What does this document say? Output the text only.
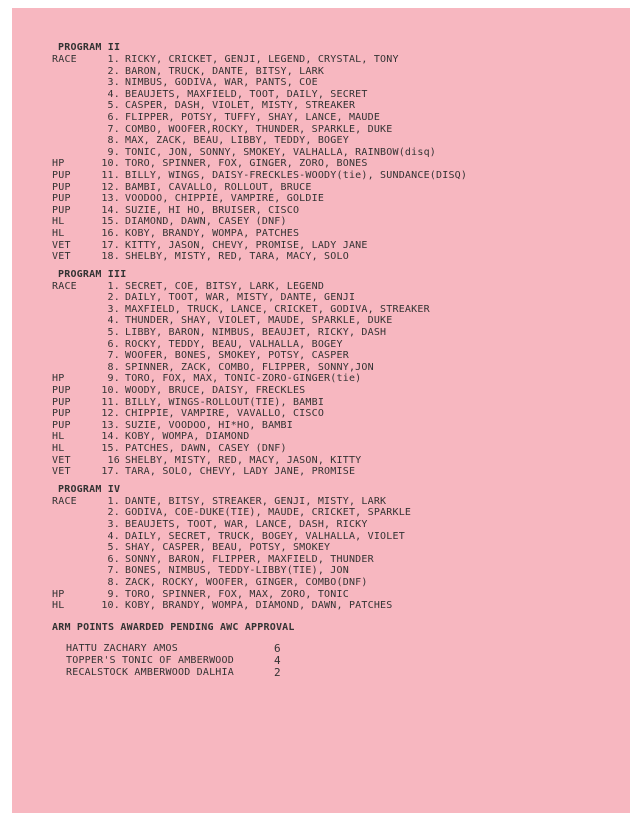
PROGRAM II
RACE	1. RICKY, CRICKET, GENJI, LEGEND, CRYSTAL, TONY
2. BARON, TRUCK, DANTE, BITSY, LARK
3. NIMBUS, GODIVA, WAR, PANTS, COE
4. BEAUJETS, MAXFIELD, TOOT, DAILY, SECRET
5. CASPER, DASH, VIOLET, MISTY, STREAKER
6. FLIPPER, POTSY, TUFFY, SHAY, LANCE, MAUDE
7. COMBO, WOOFER,ROCKY, THUNDER, SPARKLE, DUKE
8. MAX, ZACK, BEAU, LIBBY, TEDDY, BOGEY
9. TONIC, JON, SONNY, SMOKEY, VALHALLA, RAINBOW(disq)
HP	10. TORO, SPINNER, FOX, GINGER, ZORO, BONES
PUP	11. BILLY, WINGS, DAISY-FRECKLES-WOODY(tie), SUNDANCE(DISQ)
PUP	12. BAMBI, CAVALLO, ROLLOUT, BRUCE
PUP	13. VOODOO, CHIPPIE, VAMPIRE, GOLDIE
PUP	14. SUZIE, HI HO, BRUISER, CISCO
HL	15. DIAMOND, DAWN, CASEY (DNF)
HL	16. KOBY, BRANDY, WOMPA, PATCHES
VET	17. KITTY, JASON, CHEVY, PROMISE, LADY JANE
VET	18. SHELBY, MISTY, RED, TARA, MACY, SOLO
PROGRAM III
RACE	1. SECRET, COE, BITSY, LARK, LEGEND
2. DAILY, TOOT, WAR, MISTY, DANTE, GENJI
3. MAXFIELD, TRUCK, LANCE, CRICKET, GODIVA, STREAKER
4. THUNDER, SHAY, VIOLET, MAUDE, SPARKLE, DUKE
5. LIBBY, BARON, NIMBUS, BEAUJET, RICKY, DASH
6. ROCKY, TEDDY, BEAU, VALHALLA, BOGEY
7. WOOFER, BONES, SMOKEY, POTSY, CASPER
8. SPINNER, ZACK, COMBO, FLIPPER, SONNY,JON
HP	9. TORO, FOX, MAX, TONIC-ZORO-GINGER(tie)
PUP	10. WOODY, BRUCE, DAISY, FRECKLES
PUP	11. BILLY, WINGS-ROLLOUT(TIE), BAMBI
PUP	12. CHIPPIE, VAMPIRE, VAVALLO, CISCO
PUP	13. SUZIE, VOODOO, HI*HO, BAMBI
HL	14. KOBY, WOMPA, DIAMOND
HL	15. PATCHES, DAWN, CASEY (DNF)
VET	16 SHELBY, MISTY, RED, MACY, JASON, KITTY
VET	17. TARA, SOLO, CHEVY, LADY JANE, PROMISE
PROGRAM IV
RACE	1. DANTE, BITSY, STREAKER, GENJI, MISTY, LARK
2. GODIVA, COE-DUKE(TIE), MAUDE, CRICKET, SPARKLE
3. BEAUJETS, TOOT, WAR, LANCE, DASH, RICKY
4. DAILY, SECRET, TRUCK, BOGEY, VALHALLA, VIOLET
5. SHAY, CASPER, BEAU, POTSY, SMOKEY
6. SONNY, BARON, FLIPPER, MAXFIELD, THUNDER
7. BONES, NIMBUS, TEDDY-LIBBY(TIE), JON
8. ZACK, ROCKY, WOOFER, GINGER, COMBO(DNF)
HP	9. TORO, SPINNER, FOX, MAX, ZORO, TONIC
HL	10. KOBY, BRANDY, WOMPA, DIAMOND, DAWN, PATCHES
ARM POINTS AWARDED PENDING AWC APPROVAL
HATTU ZACHARY AMOS	6
TOPPER'S TONIC OF AMBERWOOD	4
RECALSTOCK AMBERWOOD DALHIA	2
